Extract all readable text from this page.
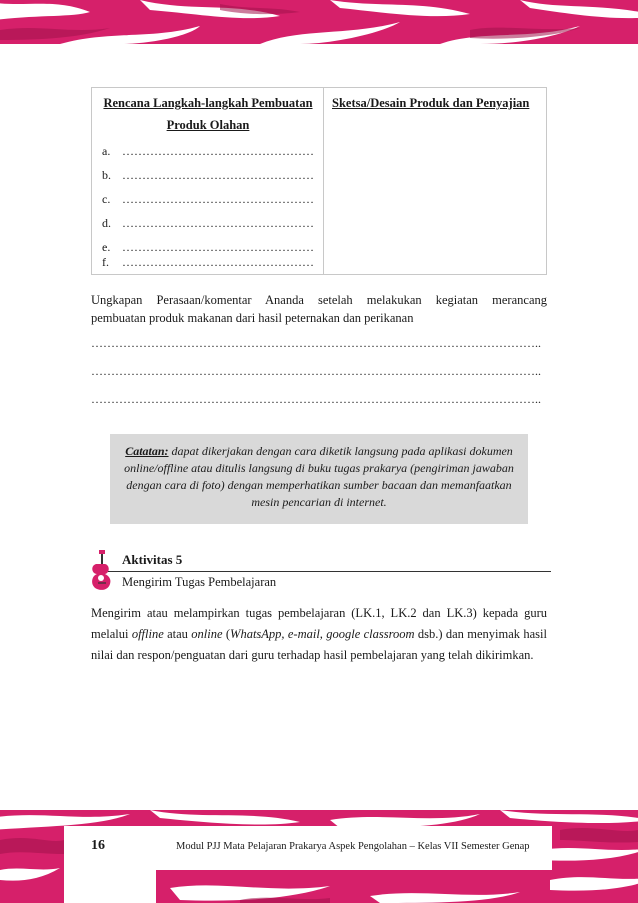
Rencana Langkah-langkah Pembuatan
Produk Olahan
a. …………………………………………
b. …………………………………………
c. …………………………………………
d. …………………………………………
e. …………………………………………
f.	…………………………………………
Sketsa/Desain Produk dan Penyajian
Ungkapan Perasaan/komentar Ananda setelah melakukan kegiatan merancang
pembuatan produk makanan dari hasil peternakan dan perikanan
…………………………………………………………………………………………………..
…………………………………………………………………………………………………..
…………………………………………………………………………………………………..
Catatan: dapat dikerjakan dengan cara diketik langsung pada aplikasi dokumen online/offline atau ditulis langsung di buku tugas prakarya (pengiriman jawaban dengan cara di foto) dengan memperhatikan sumber bacaan dan memanfaatkan mesin pencarian di internet.
Aktivitas 5
Mengirim Tugas Pembelajaran
Mengirim atau melampirkan tugas pembelajaran (LK.1, LK.2 dan LK.3) kepada guru melalui offline atau online (WhatsApp, e-mail, google classroom dsb.) dan menyimak hasil nilai dan respon/penguatan dari guru terhadap hasil pembelajaran yang telah dikirimkan.
16	Modul PJJ Mata Pelajaran Prakarya Aspek Pengolahan – Kelas VII Semester Genap
